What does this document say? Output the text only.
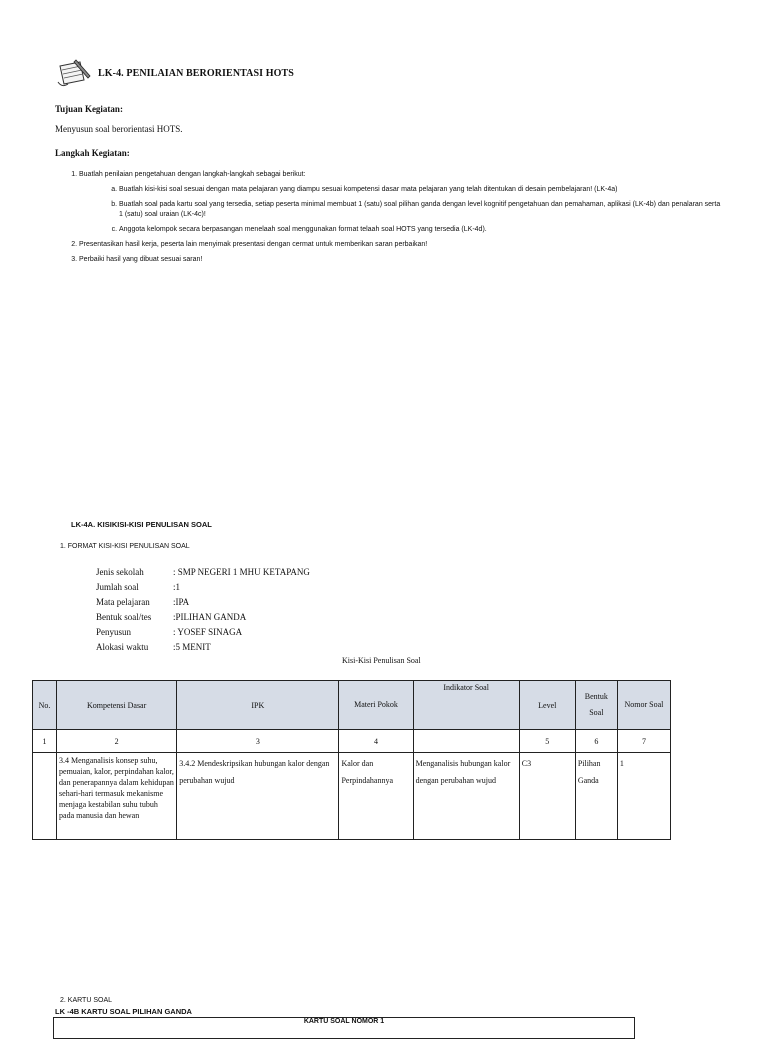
LK-4. PENILAIAN BERORIENTASI HOTS
Tujuan Kegiatan:
Menyusun soal berorientasi HOTS.
Langkah Kegiatan:
1. Buatlah penilaian pengetahuan dengan langkah-langkah sebagai berikut:
a. Buatlah kisi-kisi soal sesuai dengan mata pelajaran yang diampu sesuai kompetensi dasar mata pelajaran yang telah ditentukan di desain pembelajaran! (LK-4a)
b. Buatlah soal pada kartu soal yang tersedia, setiap peserta minimal membuat 1 (satu) soal pilihan ganda dengan level kognitif pengetahuan dan pemahaman, aplikasi (LK-4b) dan penalaran serta 1 (satu) soal uraian (LK-4c)!
c. Anggota kelompok secara berpasangan menelaah soal menggunakan format telaah soal HOTS yang tersedia (LK-4d).
2. Presentasikan hasil kerja, peserta lain menyimak presentasi dengan cermat untuk memberikan saran perbaikan!
3. Perbaiki hasil yang dibuat sesuai saran!
LK-4A. KISIKISI-KISI PENULISAN SOAL
1. FORMAT KISI-KISI PENULISAN SOAL
Jenis sekolah	: SMP NEGERI 1 MHU KETAPANG
Jumlah soal	:1
Mata pelajaran	:IPA
Bentuk soal/tes	:PILIHAN GANDA
Penyusun	: YOSEF SINAGA
Alokasi waktu	:5 MENIT
Kisi-Kisi Penulisan Soal
No.	Kompetensi Dasar	IPK	Materi Pokok	Indikator Soal	Level	Bentuk Soal	Nomor Soal
1	2	3	4		5	6	7
	3.4 Menganalisis konsep suhu, pemuaian, kalor, perpindahan kalor, dan penerapannya dalam kehidupan sehari-hari termasuk mekanisme menjaga kestabilan suhu tubuh pada manusia dan hewan	3.4.2 Mendeskripsikan hubungan kalor dengan perubahan wujud	Kalor dan Perpindahannya	Menganalisis hubungan kalor dengan perubahan wujud	C3	Pilihan Ganda	1
2. KARTU SOAL
LK -4B KARTU SOAL PILIHAN GANDA
KARTU SOAL NOMOR 1
